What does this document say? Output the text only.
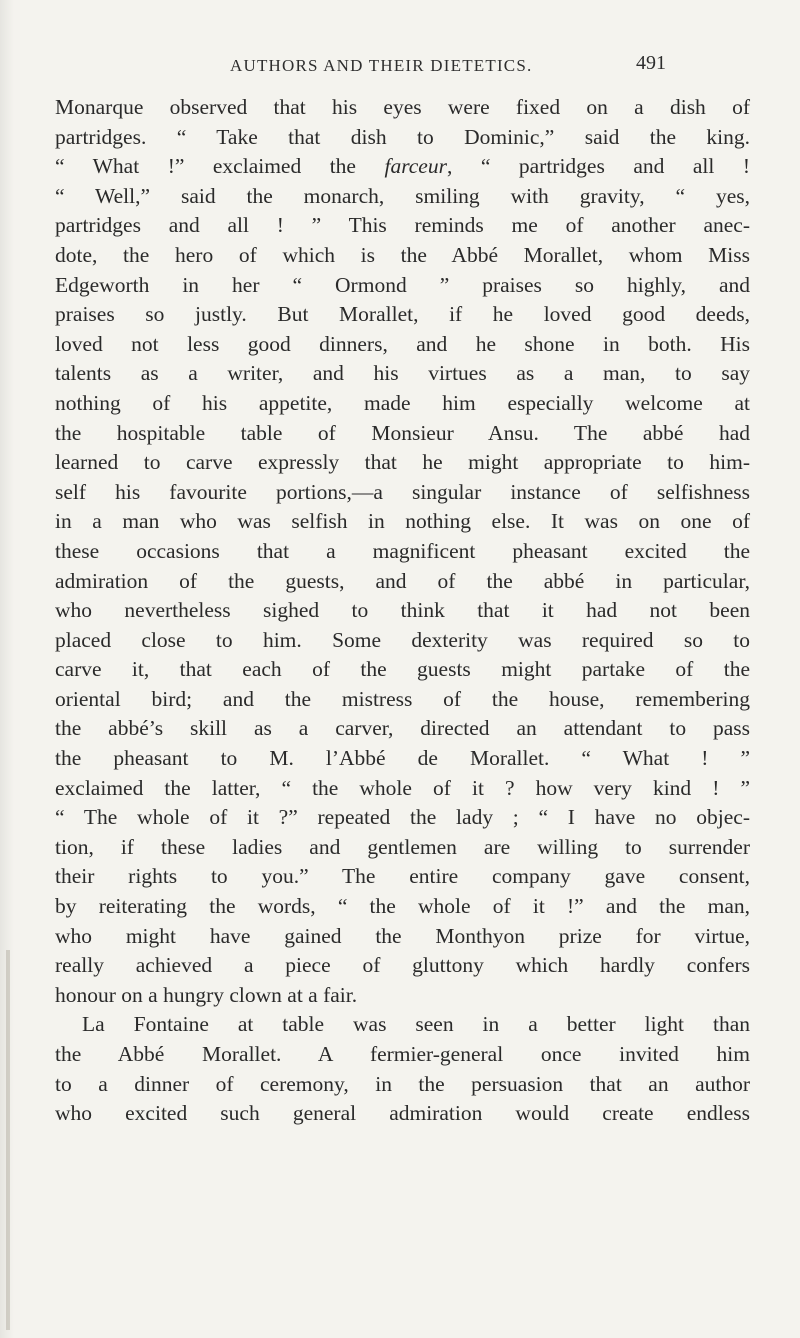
AUTHORS AND THEIR DIETETICS.	491
Monarque observed that his eyes were fixed on a dish of
partridges. “ Take that dish to Dominic,” said the king.
“ What !” exclaimed the farceur, “ partridges and all !
“ Well,” said the monarch, smiling with gravity, “ yes,
partridges and all ! ” This reminds me of another anec-
dote, the hero of which is the Abbé Morallet, whom Miss
Edgeworth in her “ Ormond ” praises so highly, and
praises so justly. But Morallet, if he loved good deeds,
loved not less good dinners, and he shone in both. His
talents as a writer, and his virtues as a man, to say
nothing of his appetite, made him especially welcome at
the hospitable table of Monsieur Ansu. The abbé had
learned to carve expressly that he might appropriate to him-
self his favourite portions,—a singular instance of selfishness
in a man who was selfish in nothing else. It was on one of
these occasions that a magnificent pheasant excited the
admiration of the guests, and of the abbé in particular,
who nevertheless sighed to think that it had not been
placed close to him. Some dexterity was required so to
carve it, that each of the guests might partake of the
oriental bird; and the mistress of the house, remembering
the abbé’s skill as a carver, directed an attendant to pass
the pheasant to M. l’Abbé de Morallet. “ What ! ”
exclaimed the latter, “ the whole of it ? how very kind ! ”
“ The whole of it ?” repeated the lady ; “ I have no objec-
tion, if these ladies and gentlemen are willing to surrender
their rights to you.” The entire company gave consent,
by reiterating the words, “ the whole of it !” and the man,
who might have gained the Monthyon prize for virtue,
really achieved a piece of gluttony which hardly confers
honour on a hungry clown at a fair.
La Fontaine at table was seen in a better light than
the Abbé Morallet. A fermier-general once invited him
to a dinner of ceremony, in the persuasion that an author
who excited such general admiration would create endless
